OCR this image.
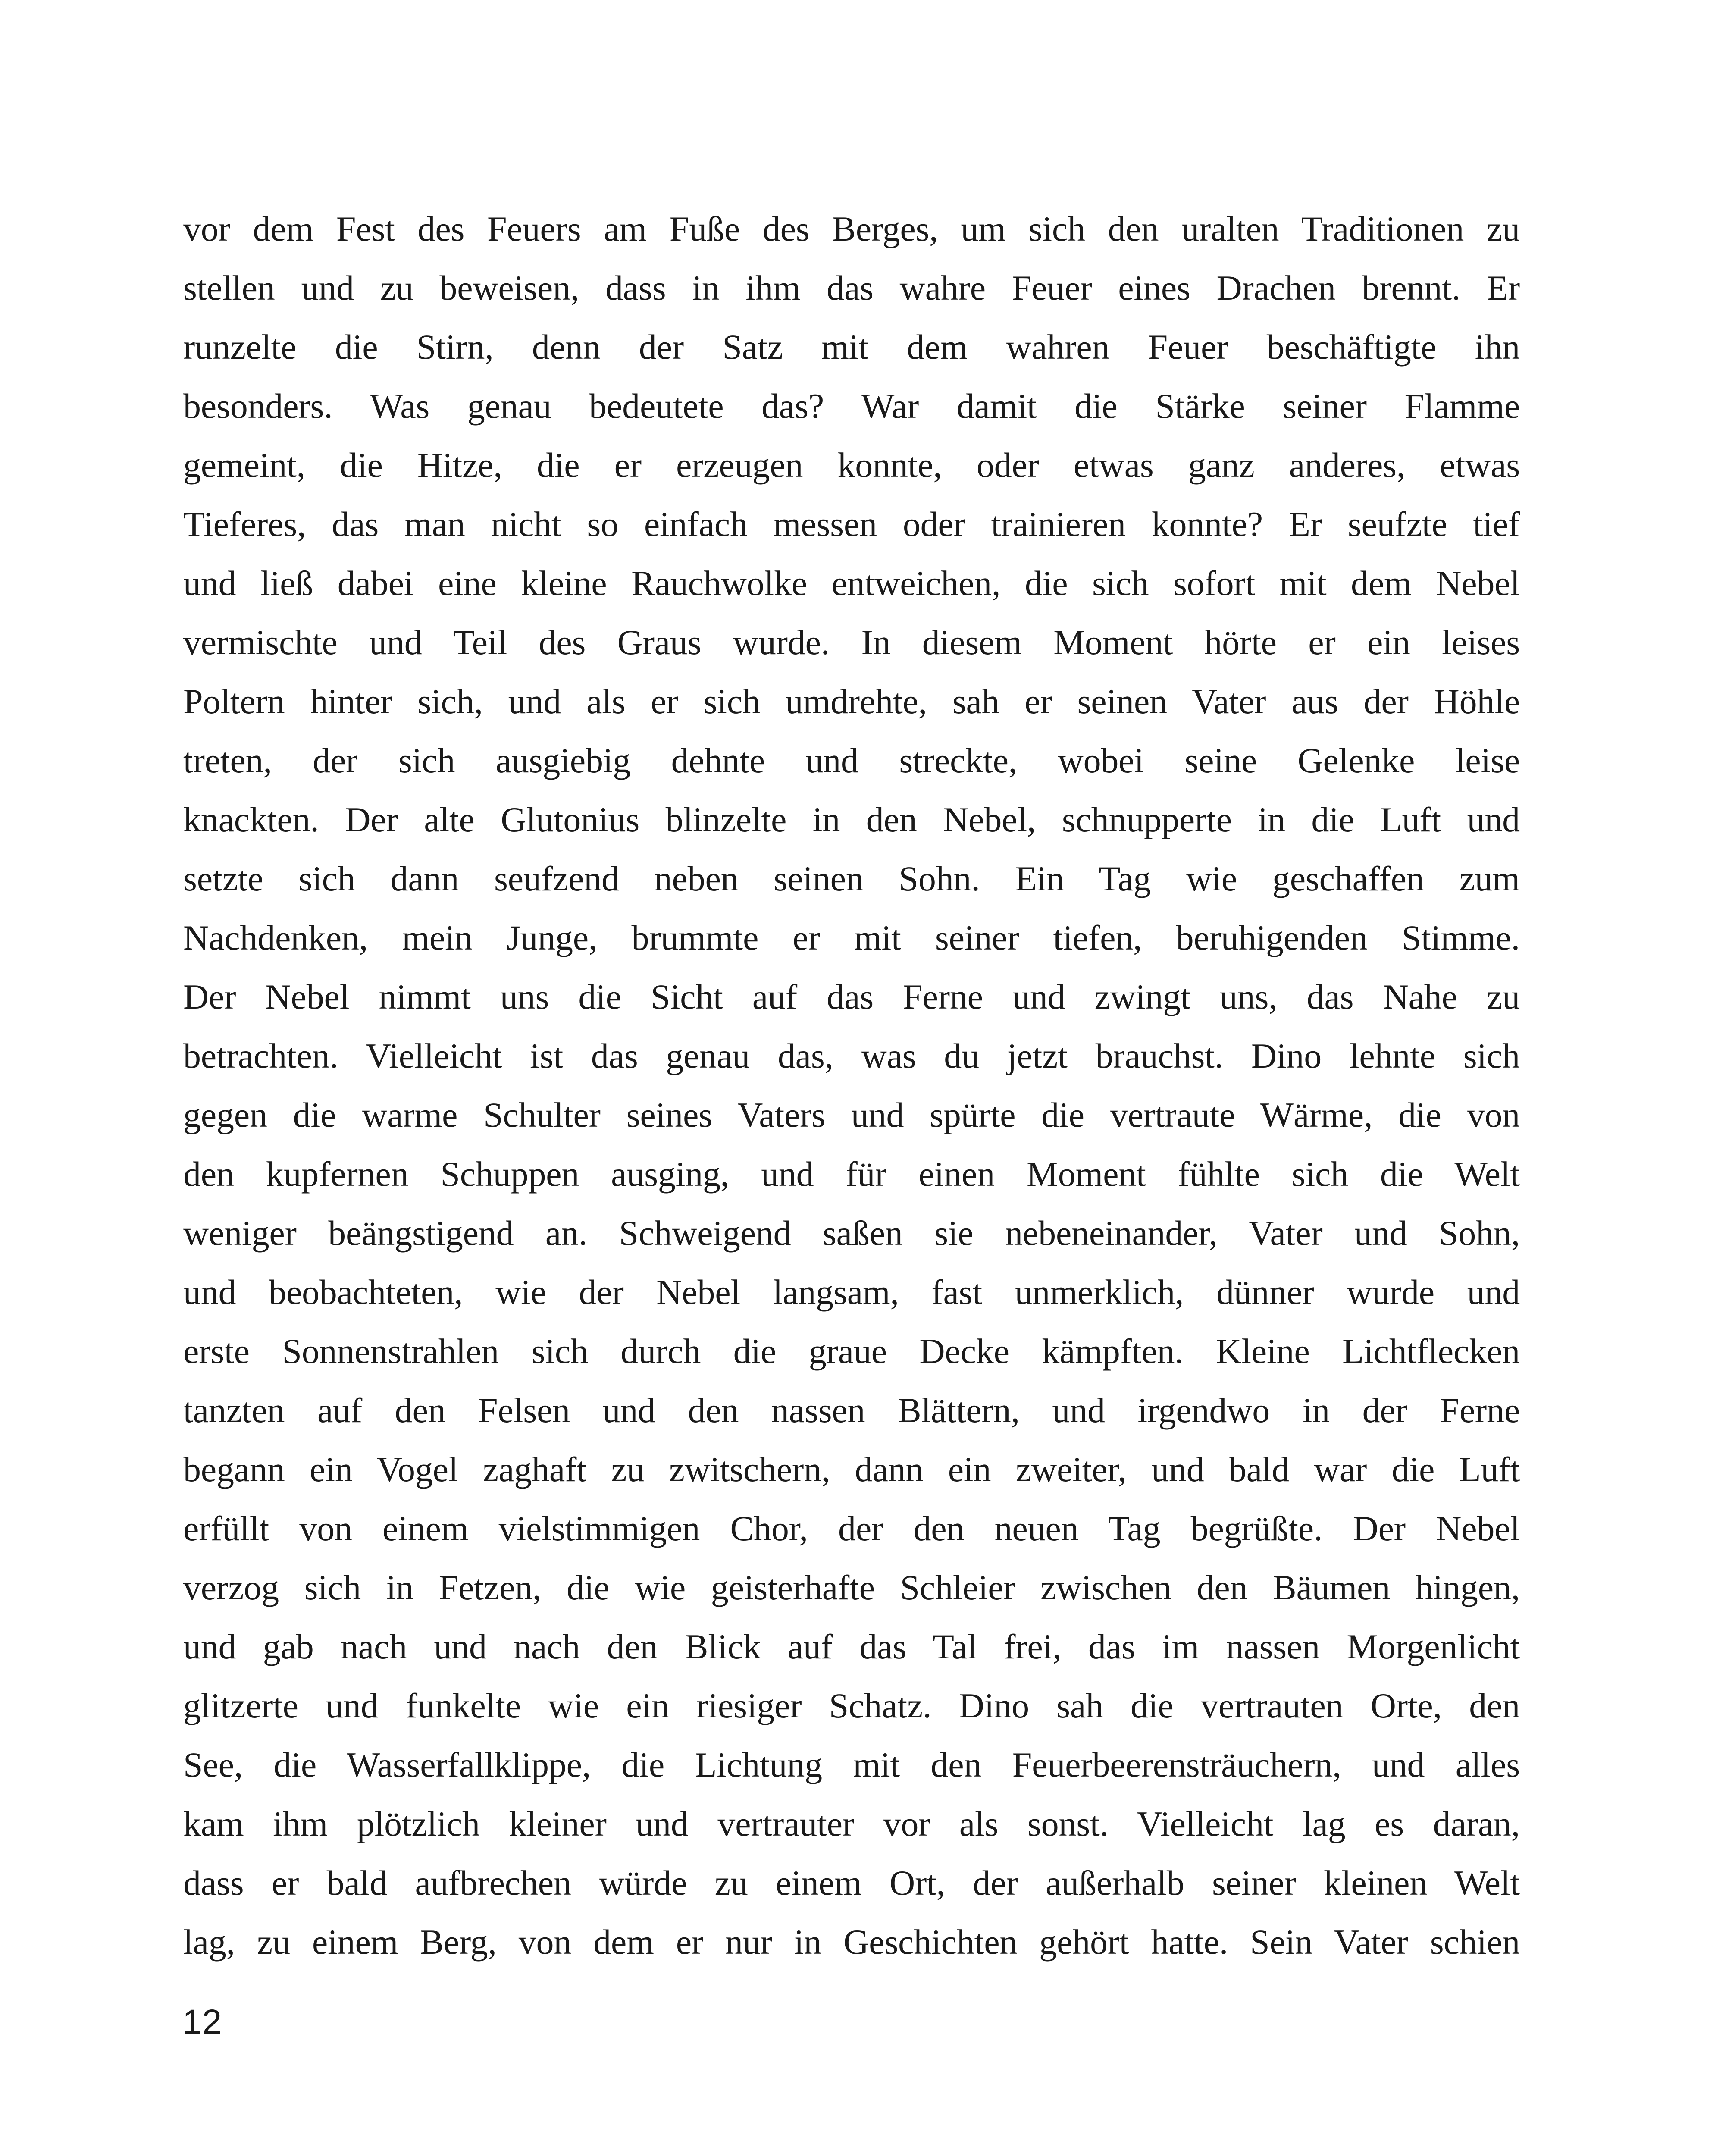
vor dem Fest des Feuers am Fuße des Berges, um sich den uralten Traditionen zu
stellen und zu beweisen, dass in ihm das wahre Feuer eines Drachen brennt. Er
runzelte die Stirn, denn der Satz mit dem wahren Feuer beschäftigte ihn
besonders. Was genau bedeutete das? War damit die Stärke seiner Flamme
gemeint, die Hitze, die er erzeugen konnte, oder etwas ganz anderes, etwas
Tieferes, das man nicht so einfach messen oder trainieren konnte? Er seufzte tief
und ließ dabei eine kleine Rauchwolke entweichen, die sich sofort mit dem Nebel
vermischte und Teil des Graus wurde. In diesem Moment hörte er ein leises
Poltern hinter sich, und als er sich umdrehte, sah er seinen Vater aus der Höhle
treten, der sich ausgiebig dehnte und streckte, wobei seine Gelenke leise
knackten. Der alte Glutonius blinzelte in den Nebel, schnupperte in die Luft und
setzte sich dann seufzend neben seinen Sohn. Ein Tag wie geschaffen zum
Nachdenken, mein Junge, brummte er mit seiner tiefen, beruhigenden Stimme.
Der Nebel nimmt uns die Sicht auf das Ferne und zwingt uns, das Nahe zu
betrachten. Vielleicht ist das genau das, was du jetzt brauchst. Dino lehnte sich
gegen die warme Schulter seines Vaters und spürte die vertraute Wärme, die von
den kupfernen Schuppen ausging, und für einen Moment fühlte sich die Welt
weniger beängstigend an. Schweigend saßen sie nebeneinander, Vater und Sohn,
und beobachteten, wie der Nebel langsam, fast unmerklich, dünner wurde und
erste Sonnenstrahlen sich durch die graue Decke kämpften. Kleine Lichtflecken
tanzten auf den Felsen und den nassen Blättern, und irgendwo in der Ferne
begann ein Vogel zaghaft zu zwitschern, dann ein zweiter, und bald war die Luft
erfüllt von einem vielstimmigen Chor, der den neuen Tag begrüßte. Der Nebel
verzog sich in Fetzen, die wie geisterhafte Schleier zwischen den Bäumen hingen,
und gab nach und nach den Blick auf das Tal frei, das im nassen Morgenlicht
glitzerte und funkelte wie ein riesiger Schatz. Dino sah die vertrauten Orte, den
See, die Wasserfallklippe, die Lichtung mit den Feuerbeerensträuchern, und alles
kam ihm plötzlich kleiner und vertrauter vor als sonst. Vielleicht lag es daran,
dass er bald aufbrechen würde zu einem Ort, der außerhalb seiner kleinen Welt
lag, zu einem Berg, von dem er nur in Geschichten gehört hatte. Sein Vater schien
12
